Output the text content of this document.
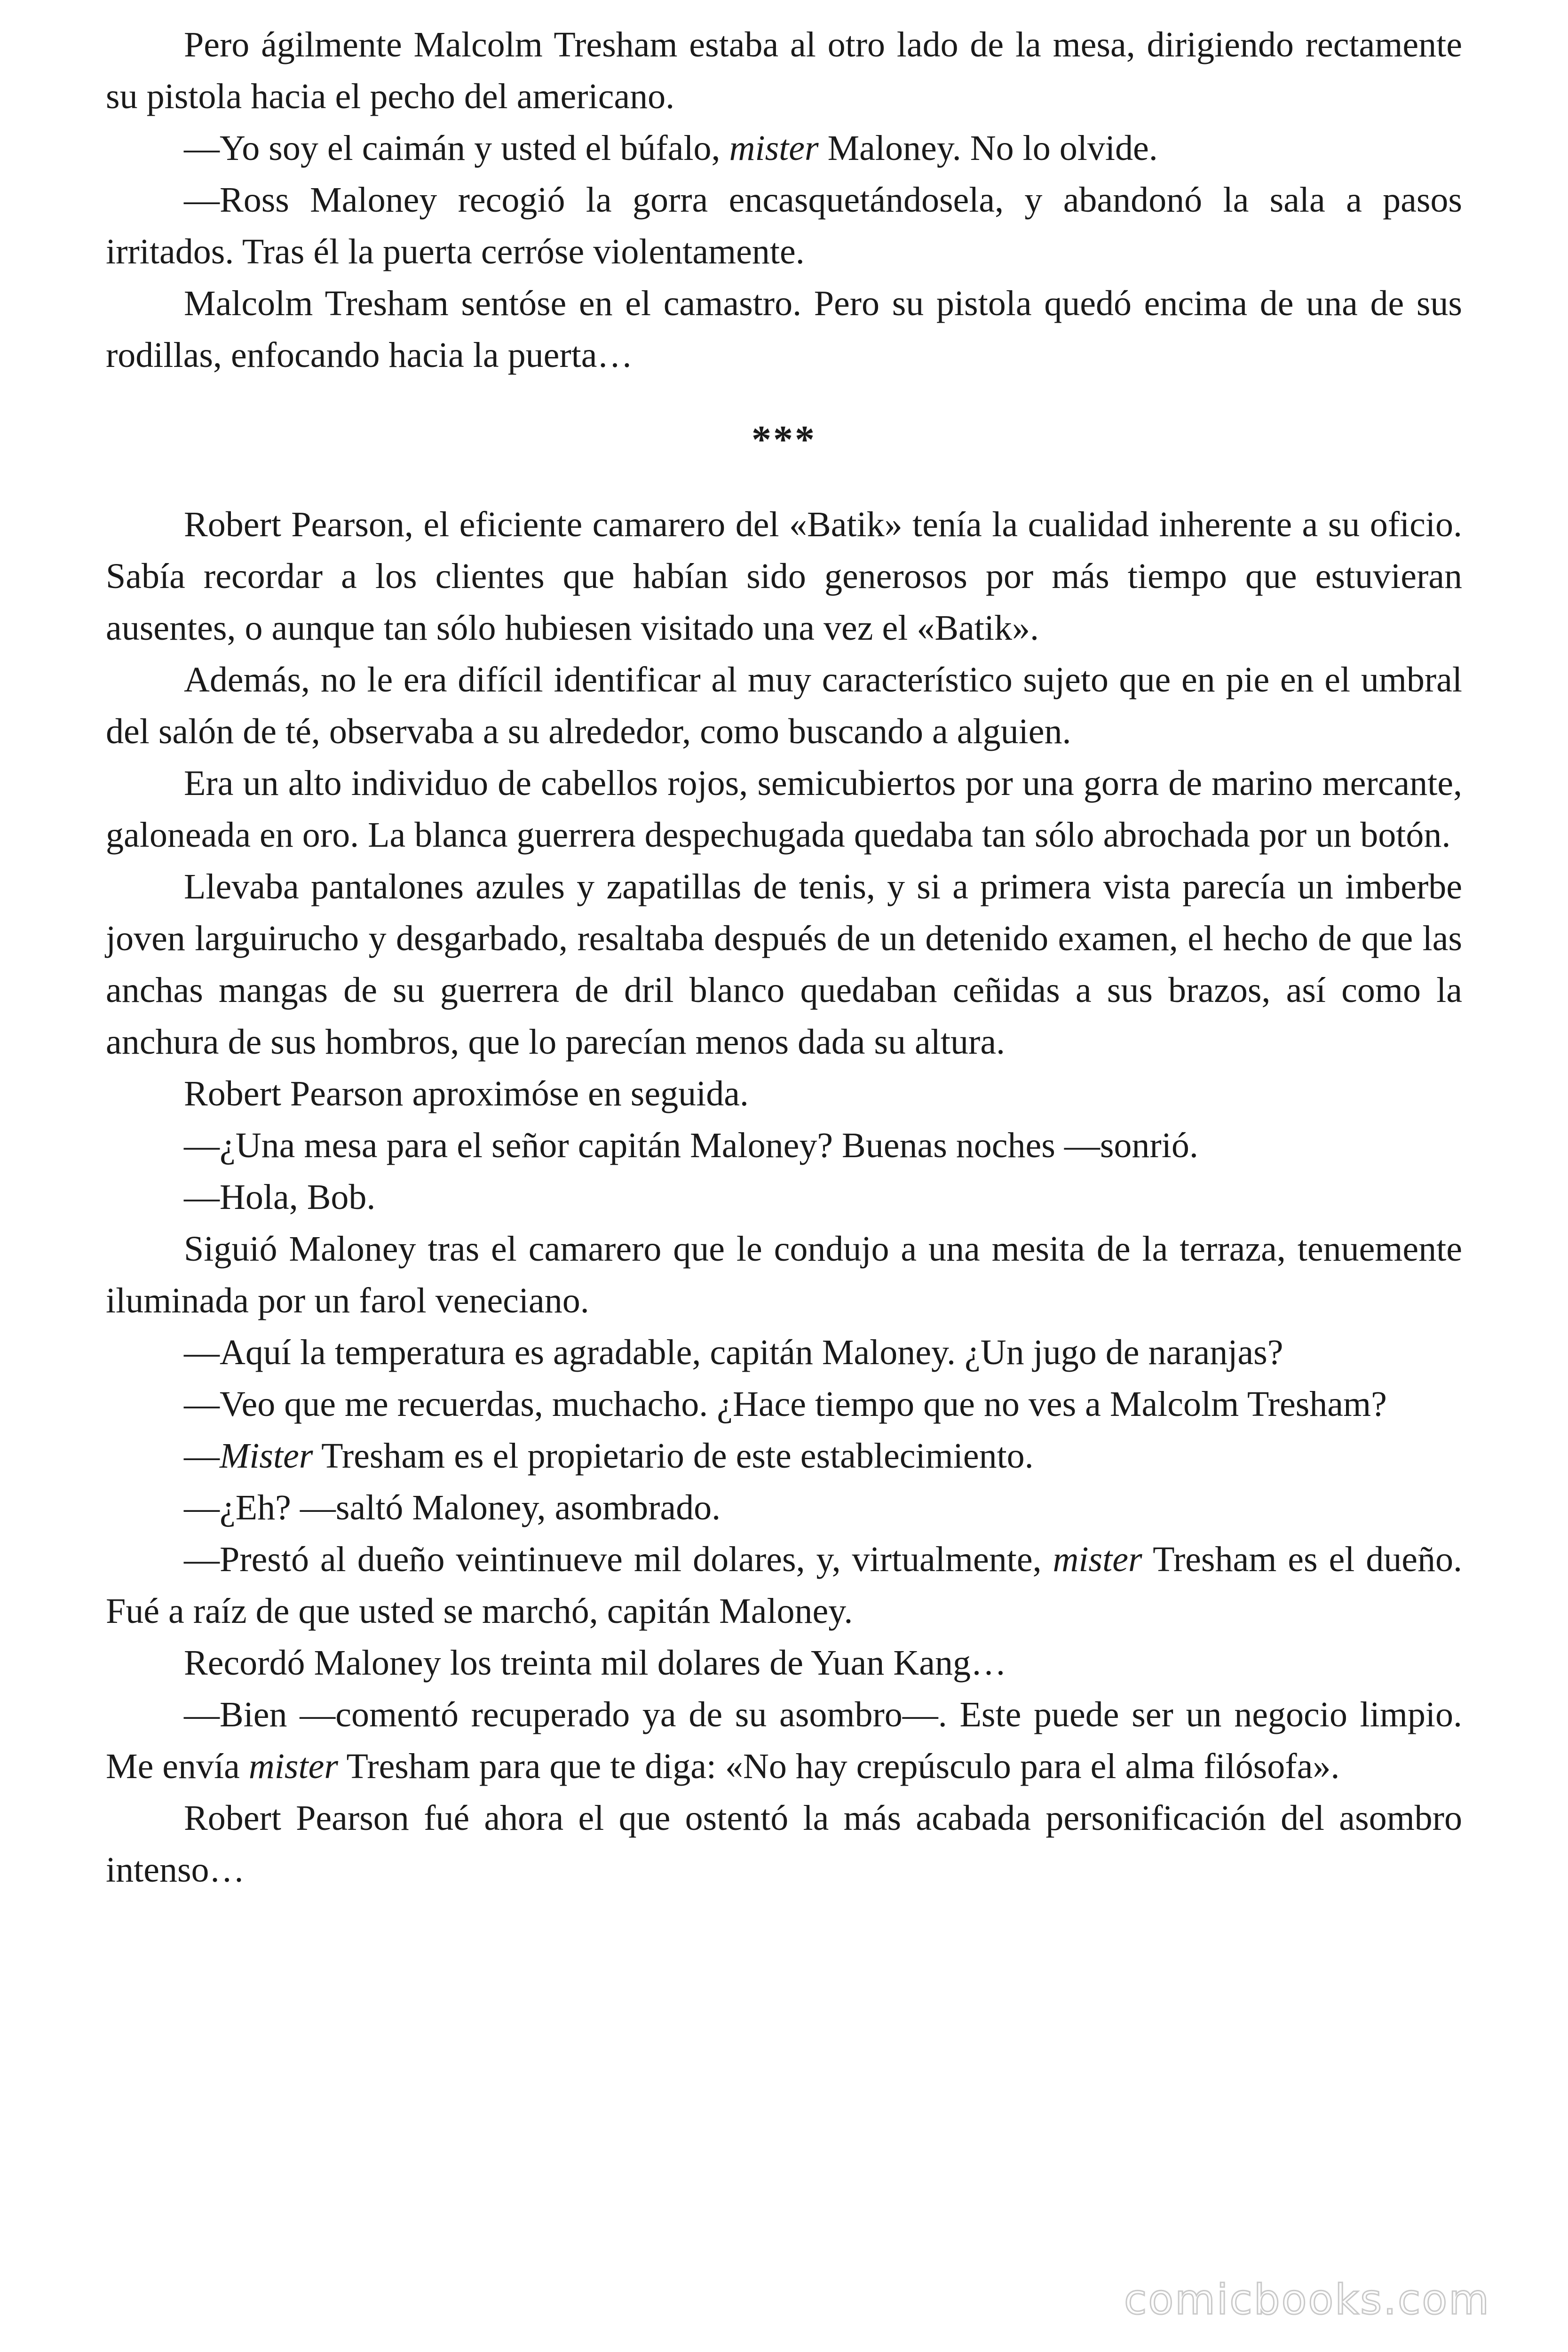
Pero ágilmente Malcolm Tresham estaba al otro lado de la mesa, dirigiendo rectamente su pistola hacia el pecho del americano.

—Yo soy el caimán y usted el búfalo, mister Maloney. No lo olvide.

—Ross Maloney recogió la gorra encasquetándosela, y abandonó la sala a pasos irritados. Tras él la puerta cerróse violentamente.

Malcolm Tresham sentóse en el camastro. Pero su pistola quedó encima de una de sus rodillas, enfocando hacia la puerta…

***

Robert Pearson, el eficiente camarero del «Batik» tenía la cualidad inherente a su oficio. Sabía recordar a los clientes que habían sido generosos por más tiempo que estuvieran ausentes, o aunque tan sólo hubiesen visitado una vez el «Batik».

Además, no le era difícil identificar al muy característico sujeto que en pie en el umbral del salón de té, observaba a su alrededor, como buscando a alguien.

Era un alto individuo de cabellos rojos, semicubiertos por una gorra de marino mercante, galoneada en oro. La blanca guerrera despechugada quedaba tan sólo abrochada por un botón.

Llevaba pantalones azules y zapatillas de tenis, y si a primera vista parecía un imberbe joven larguirucho y desgarbado, resaltaba después de un detenido examen, el hecho de que las anchas mangas de su guerrera de dril blanco quedaban ceñidas a sus brazos, así como la anchura de sus hombros, que lo parecían menos dada su altura.

Robert Pearson aproximóse en seguida.

—¿Una mesa para el señor capitán Maloney? Buenas noches —sonrió.

—Hola, Bob.

Siguió Maloney tras el camarero que le condujo a una mesita de la terraza, tenuemente iluminada por un farol veneciano.

—Aquí la temperatura es agradable, capitán Maloney. ¿Un jugo de naranjas?

—Veo que me recuerdas, muchacho. ¿Hace tiempo que no ves a Malcolm Tresham?

—Mister Tresham es el propietario de este establecimiento.

—¿Eh? —saltó Maloney, asombrado.

—Prestó al dueño veintinueve mil dolares, y, virtualmente, mister Tresham es el dueño. Fué a raíz de que usted se marchó, capitán Maloney.

Recordó Maloney los treinta mil dolares de Yuan Kang…

—Bien —comentó recuperado ya de su asombro—. Este puede ser un negocio limpio. Me envía mister Tresham para que te diga: «No hay crepúsculo para el alma filósofa».

Robert Pearson fué ahora el que ostentó la más acabada personificación del asombro intenso…

comicbooks.com
